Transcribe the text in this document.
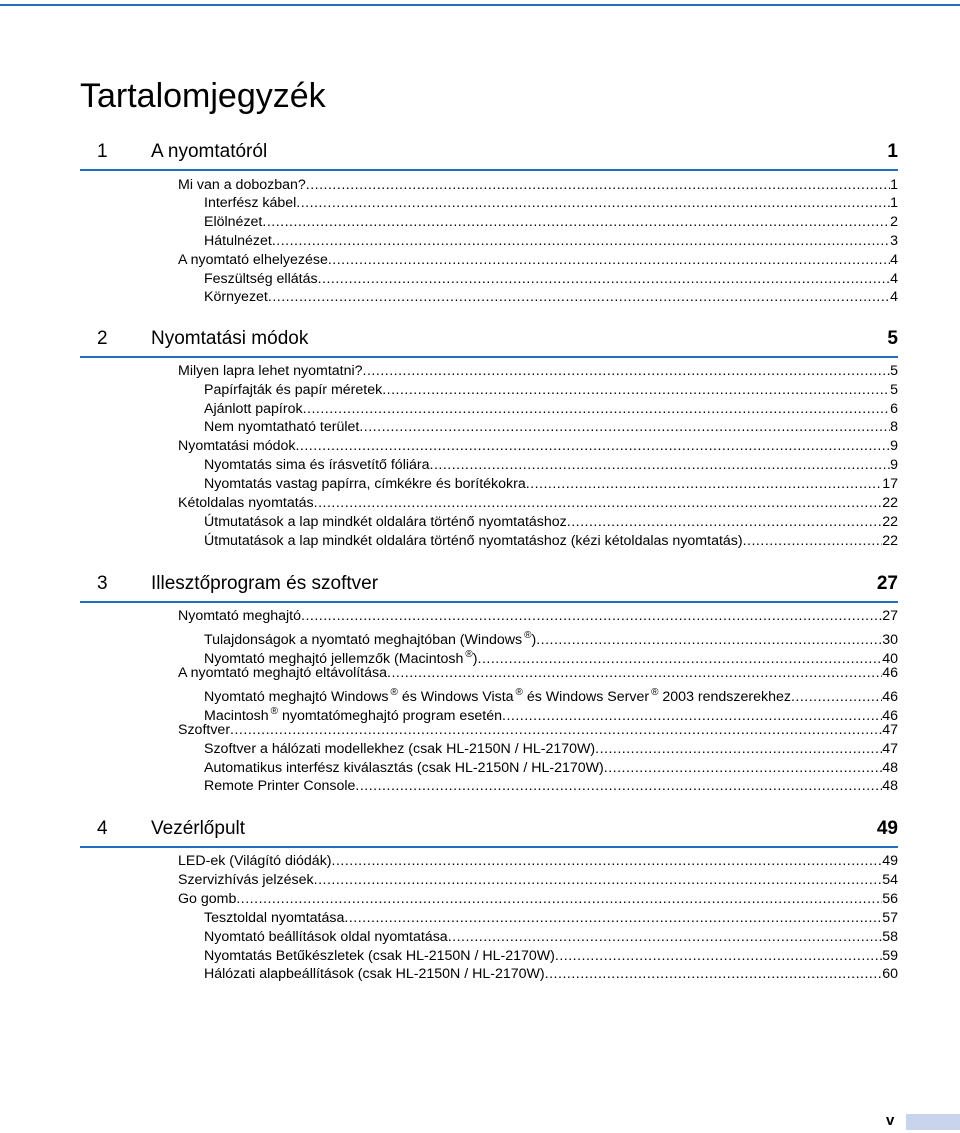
Tartalomjegyzék
1 A nyomtatóról	1
Mi van a dobozban? .....	1
Interfész kábel .....	1
Elölnézet .....	2
Hátulnézet .....	3
A nyomtató elhelyezése .....	4
Feszültség ellátás .....	4
Környezet .....	4
2 Nyomtatási módok	5
Milyen lapra lehet nyomtatni? .....	5
Papírfajták és papír méretek .....	5
Ajánlott papírok .....	6
Nem nyomtatható terület .....	8
Nyomtatási módok .....	9
Nyomtatás sima és írásvetítő fóliára .....	9
Nyomtatás vastag papírra, címkékre és borítékokra .....	17
Kétoldalas nyomtatás .....	22
Útmutatások a lap mindkét oldalára történő nyomtatáshoz .....	22
Útmutatások a lap mindkét oldalára történő nyomtatáshoz (kézi kétoldalas nyomtatás) .....	22
3 Illesztőprogram és szoftver	27
Nyomtató meghajtó .....	27
Tulajdonságok a nyomtató meghajtóban (Windows ®) .....	30
Nyomtató meghajtó jellemzők (Macintosh ®) .....	40
A nyomtató meghajtó eltávolítása .....	46
Nyomtató meghajtó Windows ® és Windows Vista ® és Windows Server ® 2003 rendszerekhez .....	46
Macintosh ® nyomtatómeghajtó program esetén .....	46
Szoftver .....	47
Szoftver a hálózati modellekhez (csak HL-2150N / HL-2170W) .....	47
Automatikus interfész kiválasztás (csak HL-2150N / HL-2170W) .....	48
Remote Printer Console .....	48
4 Vezérlőpult	49
LED-ek (Világító diódák) .....	49
Szervizhívás jelzések .....	54
Go gomb .....	56
Tesztoldal nyomtatása .....	57
Nyomtató beállítások oldal nyomtatása .....	58
Nyomtatás Betűkészletek (csak HL-2150N / HL-2170W) .....	59
Hálózati alapbeállítások (csak HL-2150N / HL-2170W) .....	60
v
